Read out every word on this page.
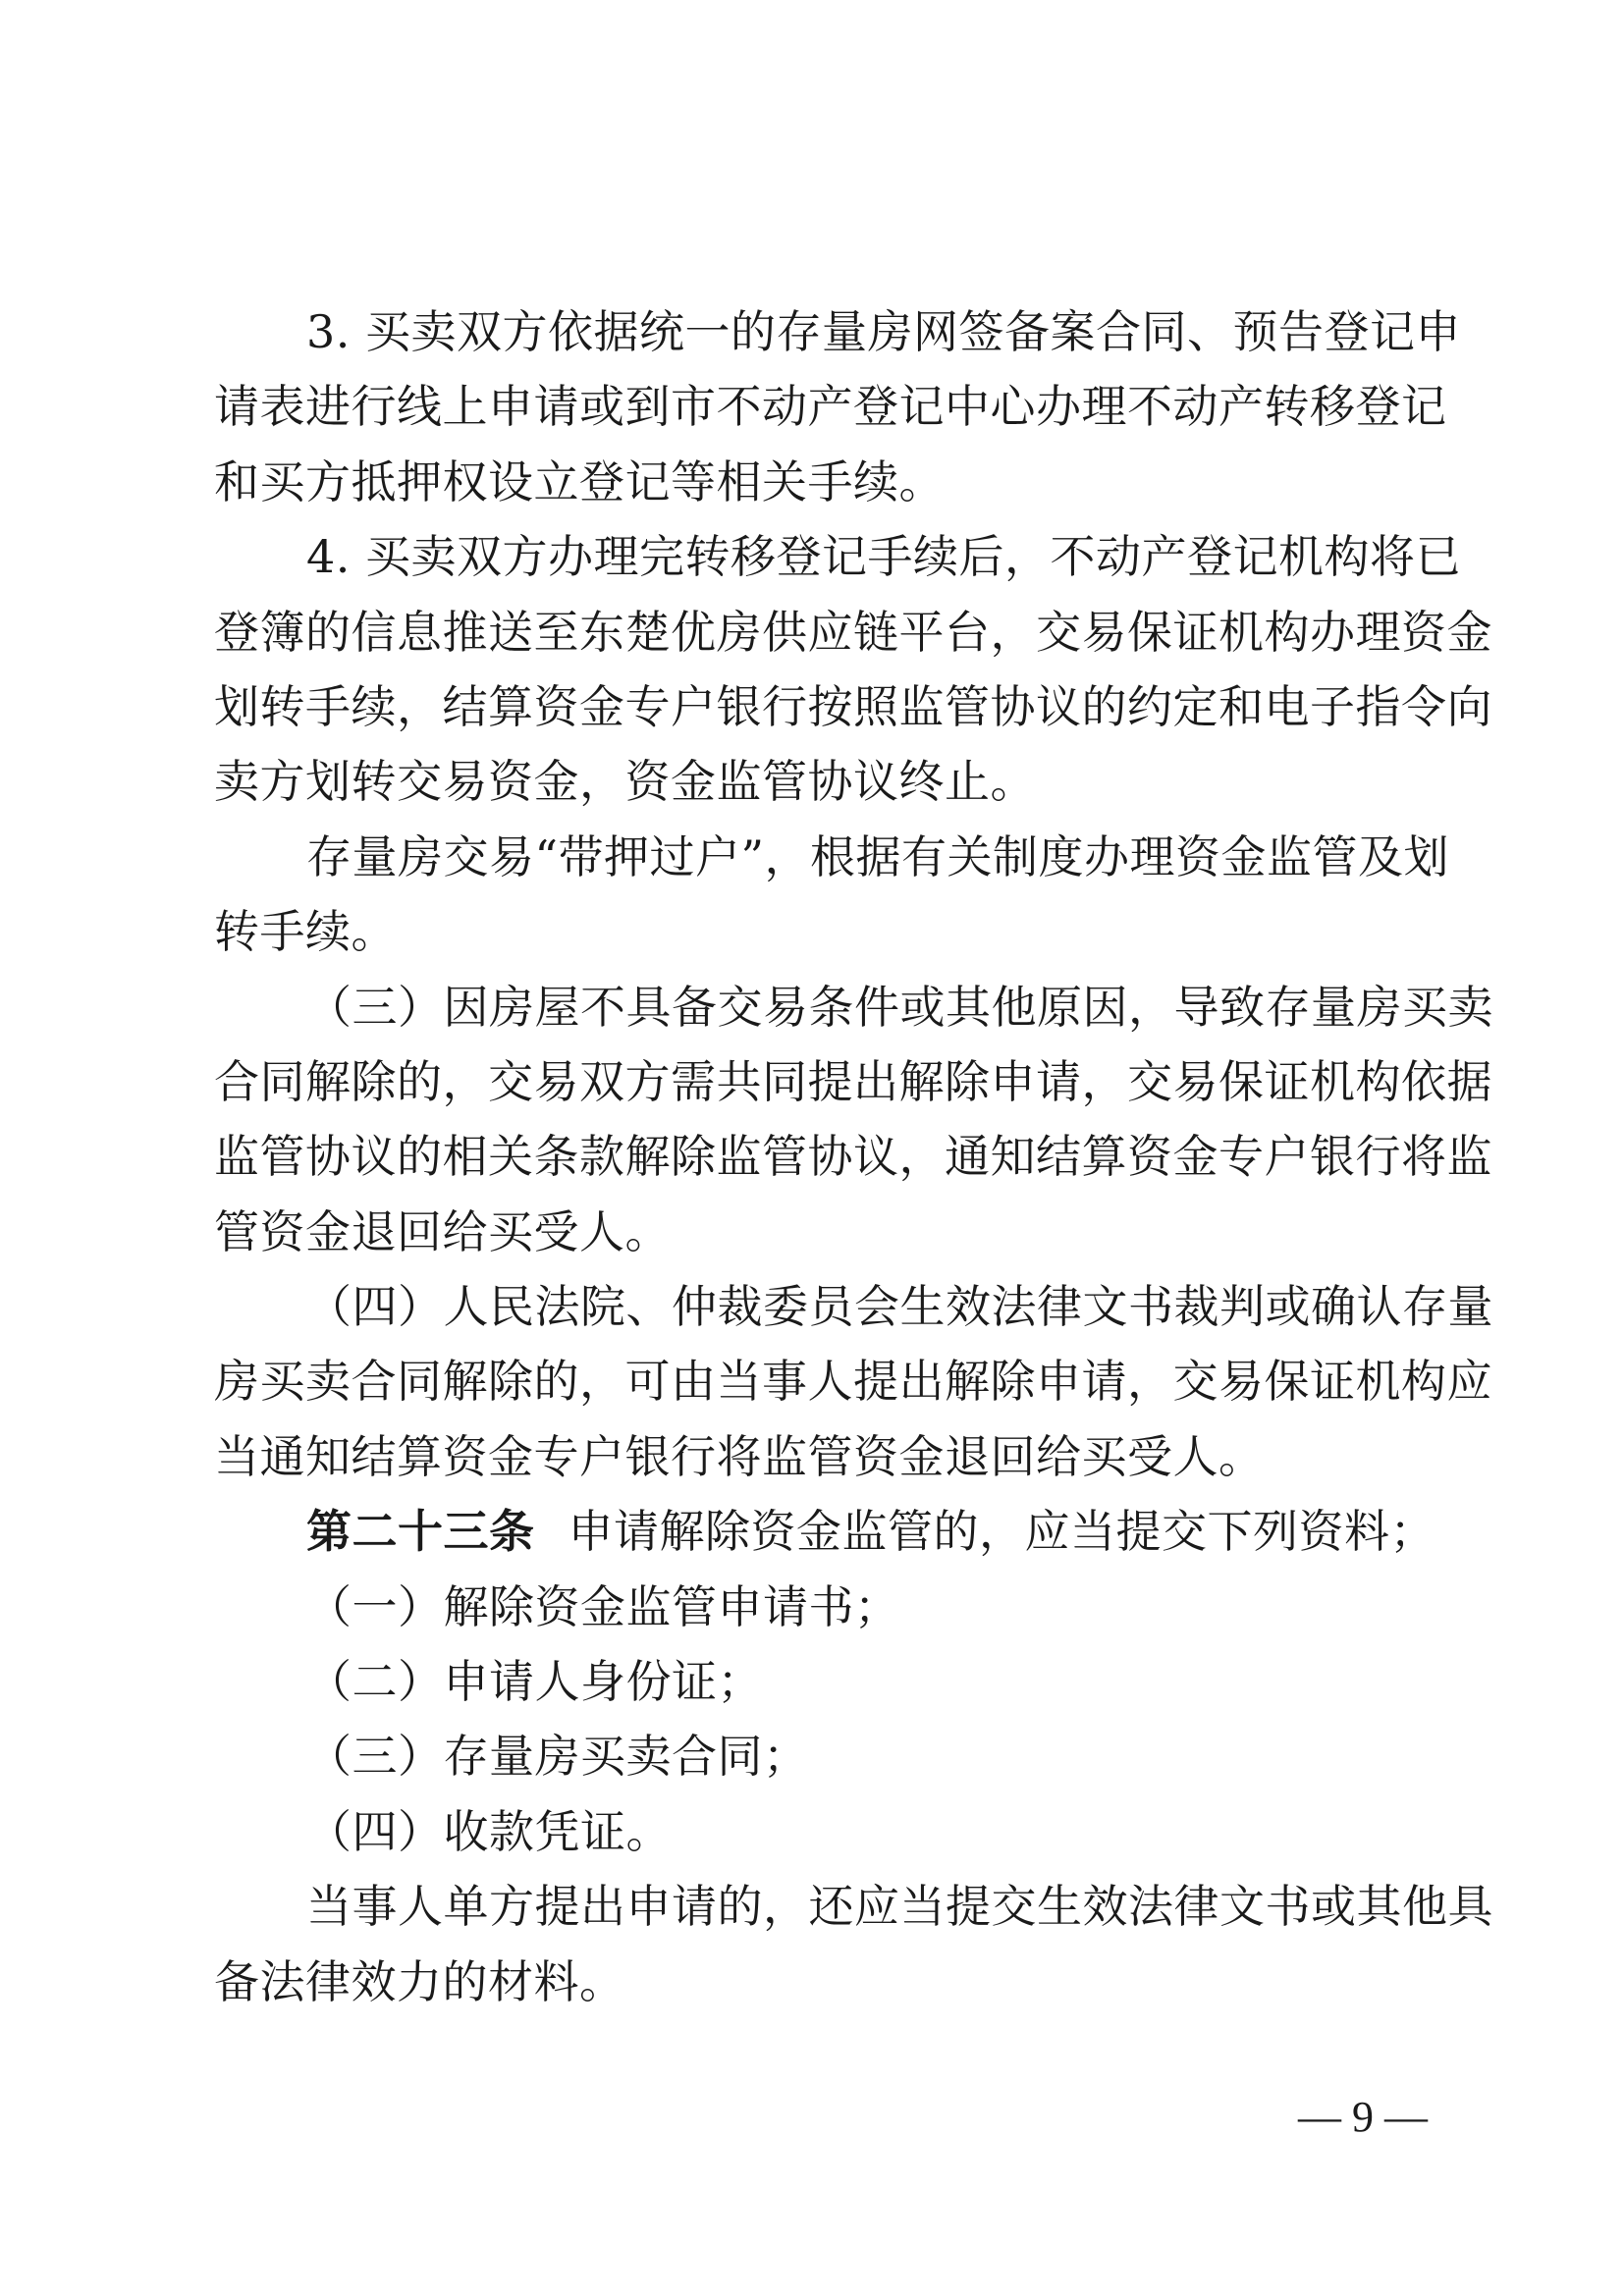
3. 买卖双方依据统一的存量房网签备案合同、预告登记申
请表进行线上申请或到市不动产登记中心办理不动产转移登记
和买方抵押权设立登记等相关手续。
4. 买卖双方办理完转移登记手续后，不动产登记机构将已
登簿的信息推送至东楚优房供应链平台，交易保证机构办理资金
划转手续，结算资金专户银行按照监管协议的约定和电子指令向
卖方划转交易资金，资金监管协议终止。
存量房交易“带押过户”，根据有关制度办理资金监管及划
转手续。
（三）因房屋不具备交易条件或其他原因，导致存量房买卖
合同解除的，交易双方需共同提出解除申请，交易保证机构依据
监管协议的相关条款解除监管协议，通知结算资金专户银行将监
管资金退回给买受人。
（四）人民法院、仲裁委员会生效法律文书裁判或确认存量
房买卖合同解除的，可由当事人提出解除申请，交易保证机构应
当通知结算资金专户银行将监管资金退回给买受人。
第二十三条 申请解除资金监管的，应当提交下列资料；
（一）解除资金监管申请书；
（二）申请人身份证；
（三）存量房买卖合同；
（四）收款凭证。
当事人单方提出申请的，还应当提交生效法律文书或其他具
备法律效力的材料。
— 9 —
